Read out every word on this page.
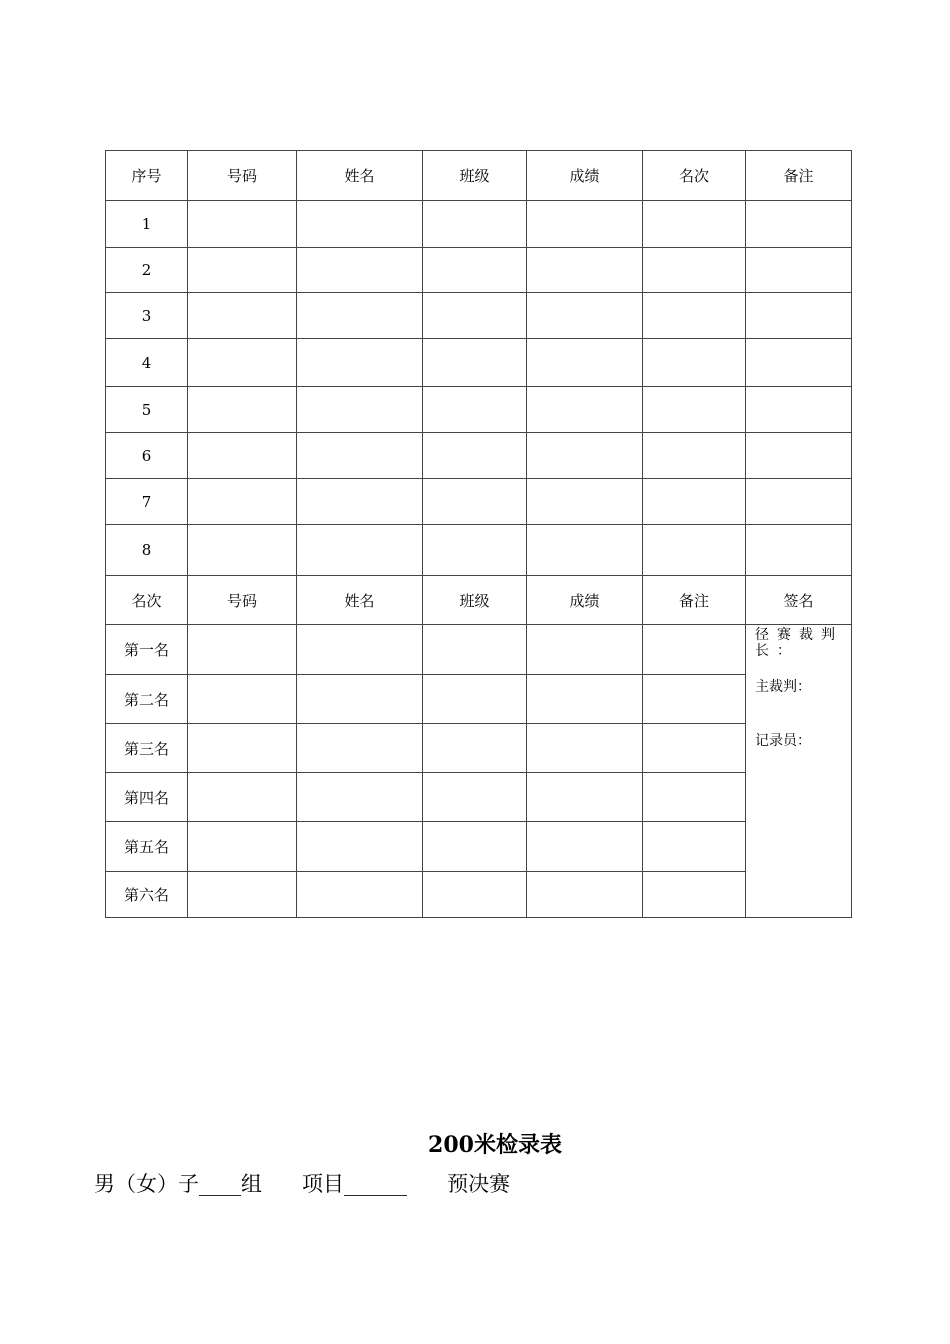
序号	号码	姓名	班级	成绩	名次	备注
1						
2						
3						
4						
5						
6						
7						
8						
名次	号码	姓名	班级	成绩	备注	签名
第一名						径赛裁判长：
主裁判：
记录员：

第二名						
第三名						
第四名						
第五名						
第六名						
200米检录表
男（女）子____组      项目______      预决赛
